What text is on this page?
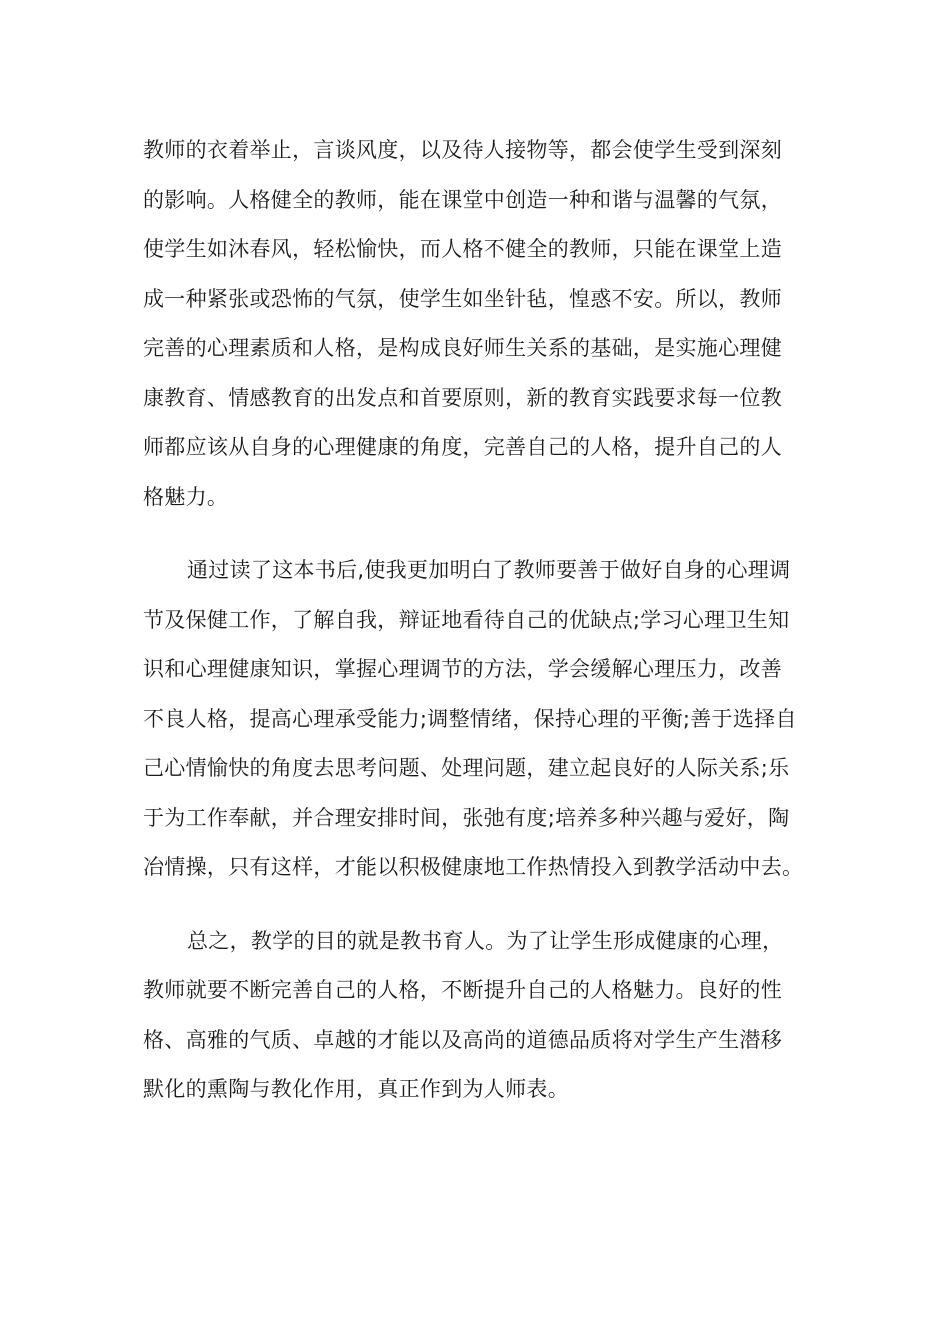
教师的衣着举止，言谈风度，以及待人接物等，都会使学生受到深刻
的影响。人格健全的教师，能在课堂中创造一种和谐与温馨的气氛，
使学生如沐春风，轻松愉快，而人格不健全的教师，只能在课堂上造
成一种紧张或恐怖的气氛，使学生如坐针毡，惶惑不安。所以，教师
完善的心理素质和人格，是构成良好师生关系的基础，是实施心理健
康教育、情感教育的出发点和首要原则，新的教育实践要求每一位教
师都应该从自身的心理健康的角度，完善自己的人格，提升自己的人
格魅力。
通过读了这本书后,使我更加明白了教师要善于做好自身的心理调
节及保健工作，了解自我，辩证地看待自己的优缺点;学习心理卫生知
识和心理健康知识，掌握心理调节的方法，学会缓解心理压力，改善
不良人格，提高心理承受能力;调整情绪，保持心理的平衡;善于选择自
己心情愉快的角度去思考问题、处理问题，建立起良好的人际关系;乐
于为工作奉献，并合理安排时间，张弛有度;培养多种兴趣与爱好，陶
冶情操，只有这样，才能以积极健康地工作热情投入到教学活动中去。
总之，教学的目的就是教书育人。为了让学生形成健康的心理，
教师就要不断完善自己的人格，不断提升自己的人格魅力。良好的性
格、高雅的气质、卓越的才能以及高尚的道德品质将对学生产生潜移
默化的熏陶与教化作用，真正作到为人师表。
